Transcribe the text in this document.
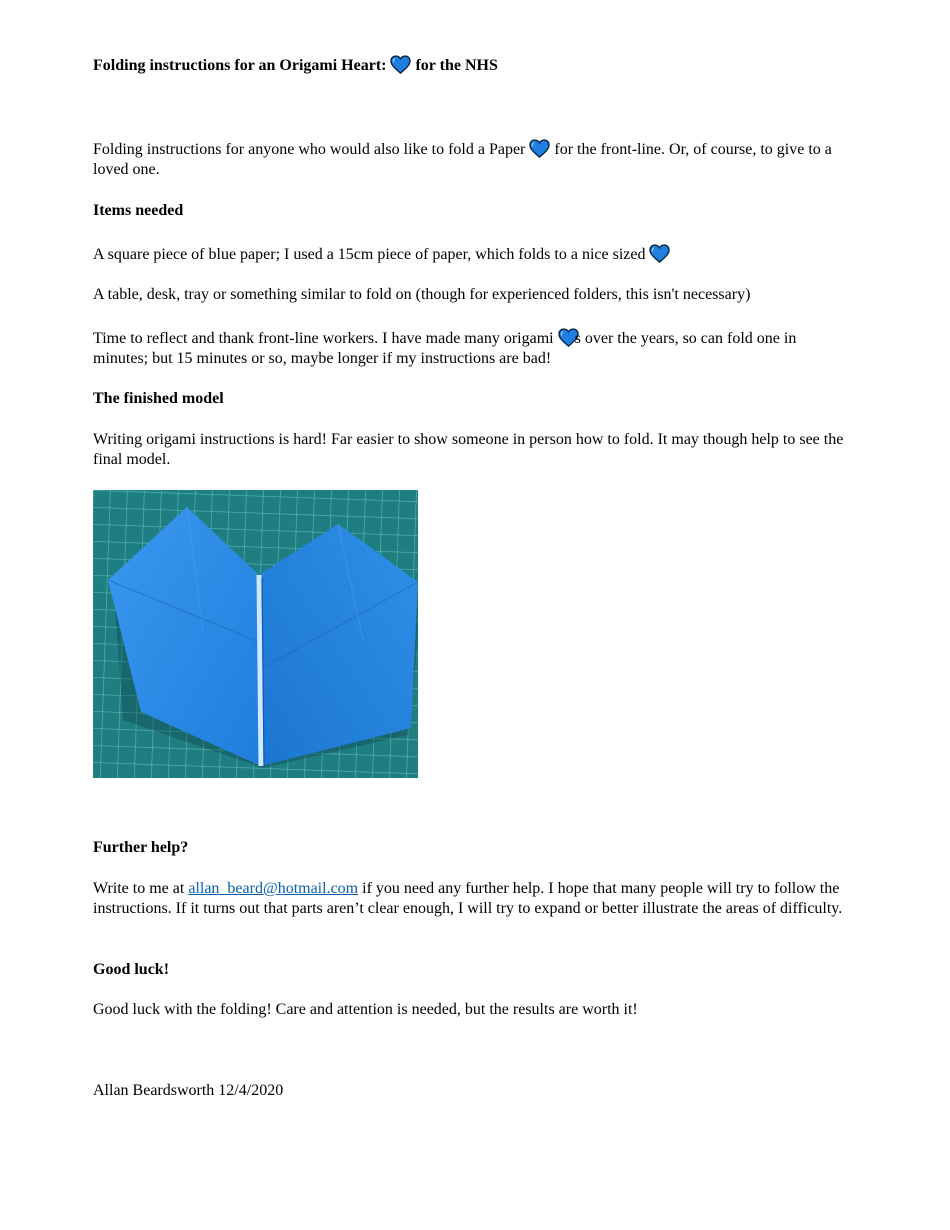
Folding instructions for an Origami Heart: for the NHS

Folding instructions for anyone who would also like to fold a Paper for the front-line. Or, of course, to give to a loved one.

Items needed

A square piece of blue paper; I used a 15cm piece of paper, which folds to a nice sized

A table, desk, tray or something similar to fold on (though for experienced folders, this isn't necessary)

Time to reflect and thank front-line workers. I have made many origami s over the years, so can fold one in minutes; but 15 minutes or so, maybe longer if my instructions are bad!

The finished model

Writing origami instructions is hard! Far easier to show someone in person how to fold. It may though help to see the final model.

Further help?

Write to me at allan_beard@hotmail.com if you need any further help. I hope that many people will try to follow the instructions. If it turns out that parts aren’t clear enough, I will try to expand or better illustrate the areas of difficulty.

Good luck!

Good luck with the folding! Care and attention is needed, but the results are worth it!

Allan Beardsworth 12/4/2020
